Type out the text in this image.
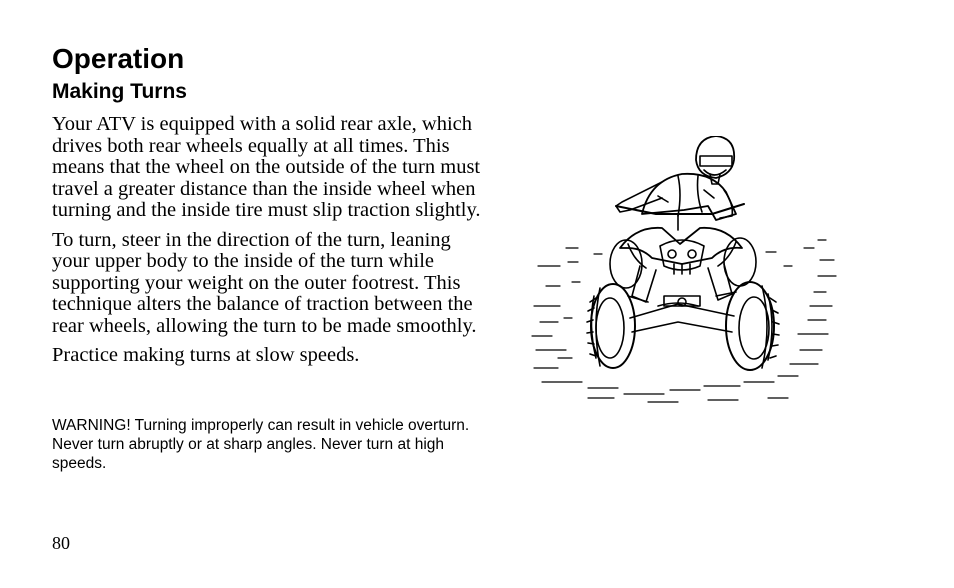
Operation
Making Turns

Your ATV is equipped with a solid rear axle, which drives both rear wheels equally at all times. This means that the wheel on the outside of the turn must travel a greater distance than the inside wheel when turning and the inside tire must slip traction slightly.

To turn, steer in the direction of the turn, leaning your upper body to the inside of the turn while supporting your weight on the outer footrest. This technique alters the balance of traction between the rear wheels, allowing the turn to be made smoothly.

Practice making turns at slow speeds.

WARNING! Turning improperly can result in vehicle overturn. Never turn abruptly or at sharp angles. Never turn at high speeds.
80
